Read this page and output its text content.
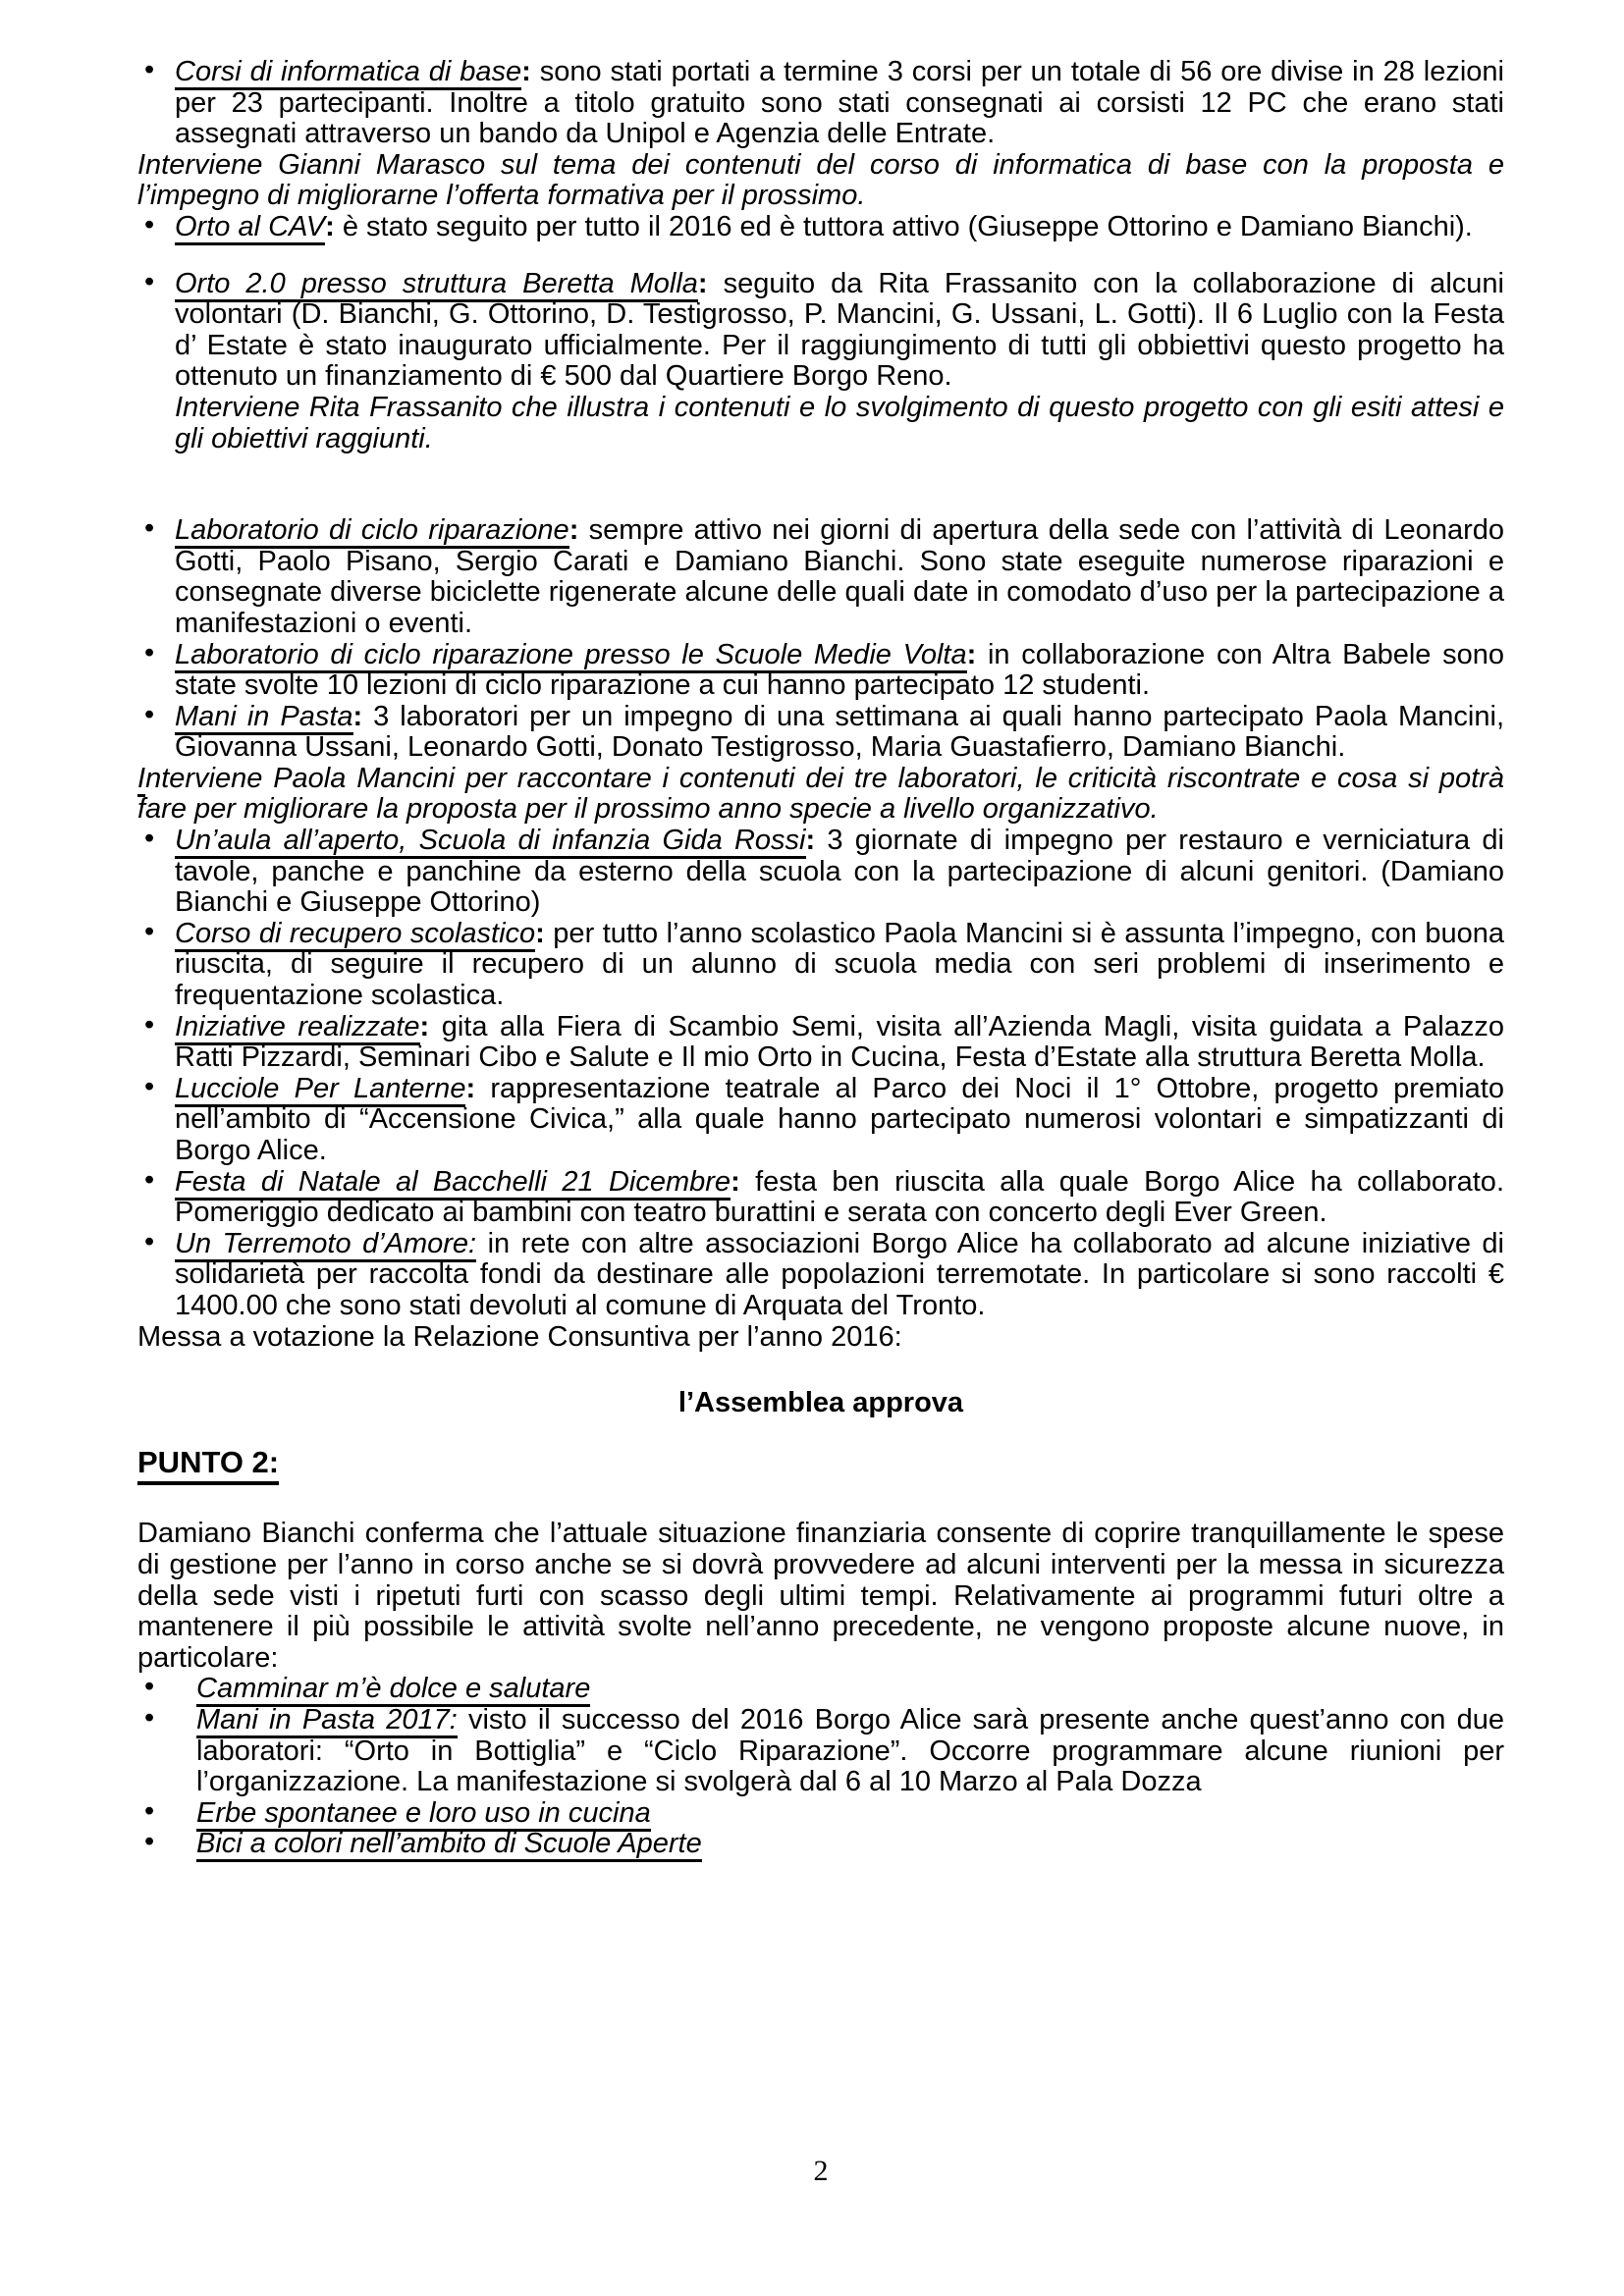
• Corsi di informatica di base: sono stati portati a termine 3 corsi per un totale di 56 ore divise in 28 lezioni per 23 partecipanti. Inoltre a titolo gratuito sono stati consegnati ai corsisti 12 PC che erano stati assegnati attraverso un bando da Unipol e Agenzia delle Entrate.

Interviene Gianni Marasco sul tema dei contenuti del corso di informatica di base con la proposta e l’impegno di migliorarne l’offerta formativa per il prossimo.

• Orto al CAV: è stato seguito per tutto il 2016 ed è tuttora attivo (Giuseppe Ottorino e Damiano Bianchi).
• Orto 2.0 presso struttura Beretta Molla: seguito da Rita Frassanito con la collaborazione di alcuni volontari (D. Bianchi, G. Ottorino, D. Testigrosso, P. Mancini, G. Ussani, L. Gotti). Il 6 Luglio con la Festa d’ Estate è stato inaugurato ufficialmente. Per il raggiungimento di tutti gli obbiettivi questo progetto ha ottenuto un finanziamento di € 500 dal Quartiere Borgo Reno.

Interviene Rita Frassanito che illustra i contenuti e lo svolgimento di questo progetto con gli esiti attesi e gli obiettivi raggiunti.

• Laboratorio di ciclo riparazione: sempre attivo nei giorni di apertura della sede con l’attività di Leonardo Gotti, Paolo Pisano, Sergio Carati e Damiano Bianchi. Sono state eseguite numerose riparazioni e consegnate diverse biciclette rigenerate alcune delle quali date in comodato d’uso per la partecipazione a manifestazioni o eventi.
• Laboratorio di ciclo riparazione presso le Scuole Medie Volta: in collaborazione con Altra Babele sono state svolte 10 lezioni di ciclo riparazione a cui hanno partecipato 12 studenti.
• Mani in Pasta: 3 laboratori per un impegno di una settimana ai quali hanno partecipato Paola Mancini, Giovanna Ussani, Leonardo Gotti, Donato Testigrosso, Maria Guastafierro, Damiano Bianchi.

Interviene Paola Mancini per raccontare i contenuti dei tre laboratori, le criticità riscontrate e cosa si potrà fare per migliorare la proposta per il prossimo anno specie a livello organizzativo.

• Un’aula all’aperto, Scuola di infanzia Gida Rossi: 3 giornate di impegno per restauro e verniciatura di tavole, panche e panchine da esterno della scuola con la partecipazione di alcuni genitori. (Damiano Bianchi e Giuseppe Ottorino)
• Corso di recupero scolastico: per tutto l’anno scolastico Paola Mancini si è assunta l’impegno, con buona riuscita, di seguire il recupero di un alunno di scuola media con seri problemi di inserimento e frequentazione scolastica.
• Iniziative realizzate: gita alla Fiera di Scambio Semi, visita all’Azienda Magli, visita guidata a Palazzo Ratti Pizzardi, Seminari Cibo e Salute e Il mio Orto in Cucina, Festa d’Estate alla struttura Beretta Molla.
• Lucciole Per Lanterne: rappresentazione teatrale al Parco dei Noci il 1° Ottobre, progetto premiato nell’ambito di “Accensione Civica,” alla quale hanno partecipato numerosi volontari e simpatizzanti di Borgo Alice.
• Festa di Natale al Bacchelli 21 Dicembre: festa ben riuscita alla quale Borgo Alice ha collaborato. Pomeriggio dedicato ai bambini con teatro burattini e serata con concerto degli Ever Green.
• Un Terremoto d’Amore: in rete con altre associazioni Borgo Alice ha collaborato ad alcune iniziative di solidarietà per raccolta fondi da destinare alle popolazioni terremotate. In particolare si sono raccolti € 1400.00 che sono stati devoluti al comune di Arquata del Tronto.

Messa a votazione la Relazione Consuntiva per l’anno 2016:

l’Assemblea approva

PUNTO 2:

Damiano Bianchi conferma che l’attuale situazione finanziaria consente di coprire tranquillamente le spese di gestione per l’anno in corso anche se si dovrà provvedere ad alcuni interventi per la messa in sicurezza della sede visti i ripetuti furti con scasso degli ultimi tempi. Relativamente ai programmi futuri oltre a mantenere il più possibile le attività svolte nell’anno precedente, ne vengono proposte alcune nuove, in particolare:

• Camminar m’è dolce e salutare
• Mani in Pasta 2017: visto il successo del 2016 Borgo Alice sarà presente anche quest’anno con due laboratori: “Orto in Bottiglia” e “Ciclo Riparazione”. Occorre programmare alcune riunioni per l’organizzazione. La manifestazione si svolgerà dal 6 al 10 Marzo al Pala Dozza
• Erbe spontanee e loro uso in cucina
• Bici a colori nell’ambito di Scuole Aperte
2
